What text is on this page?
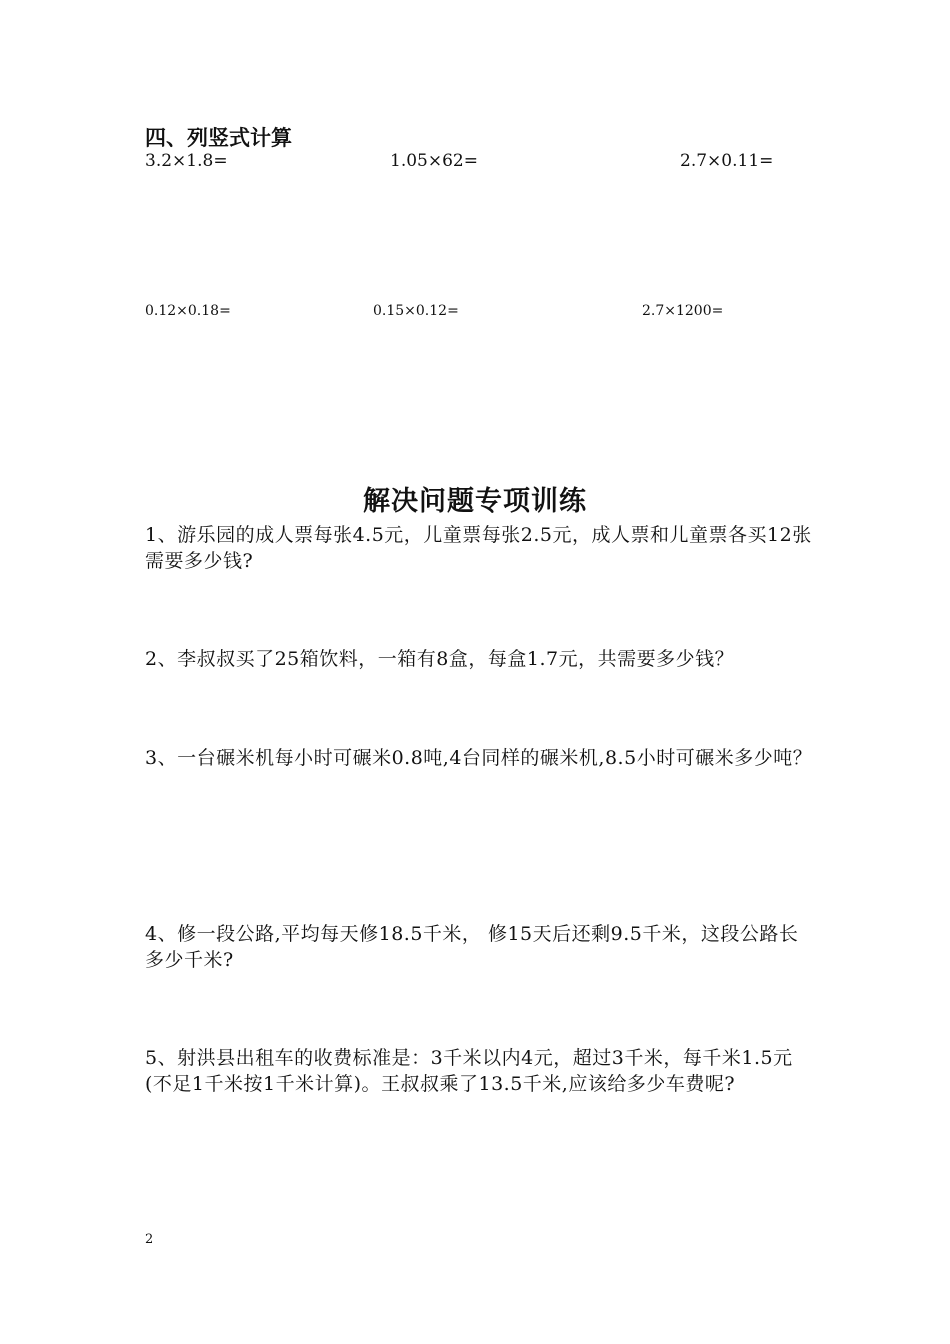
四、列竖式计算
3.2×1.8=	1.05×62=	2.7×0.11=
0.12×0.18=	0.15×0.12=	2.7×1200=
解决问题专项训练
1、游乐园的成人票每张4.5元，儿童票每张2.5元，成人票和儿童票各买12张需要多少钱?
2、李叔叔买了25箱饮料，一箱有8盒，每盒1.7元，共需要多少钱？
3、一台碾米机每小时可碾米0.8吨,4台同样的碾米机,8.5小时可碾米多少吨？
4、修一段公路,平均每天修18.5千米， 修15天后还剩9.5千米，这段公路长多少千米?
5、射洪县出租车的收费标准是：3千米以内4元，超过3千米，每千米1.5元(不足1千米按1千米计算)。王叔叔乘了13.5千米,应该给多少车费呢?
2
